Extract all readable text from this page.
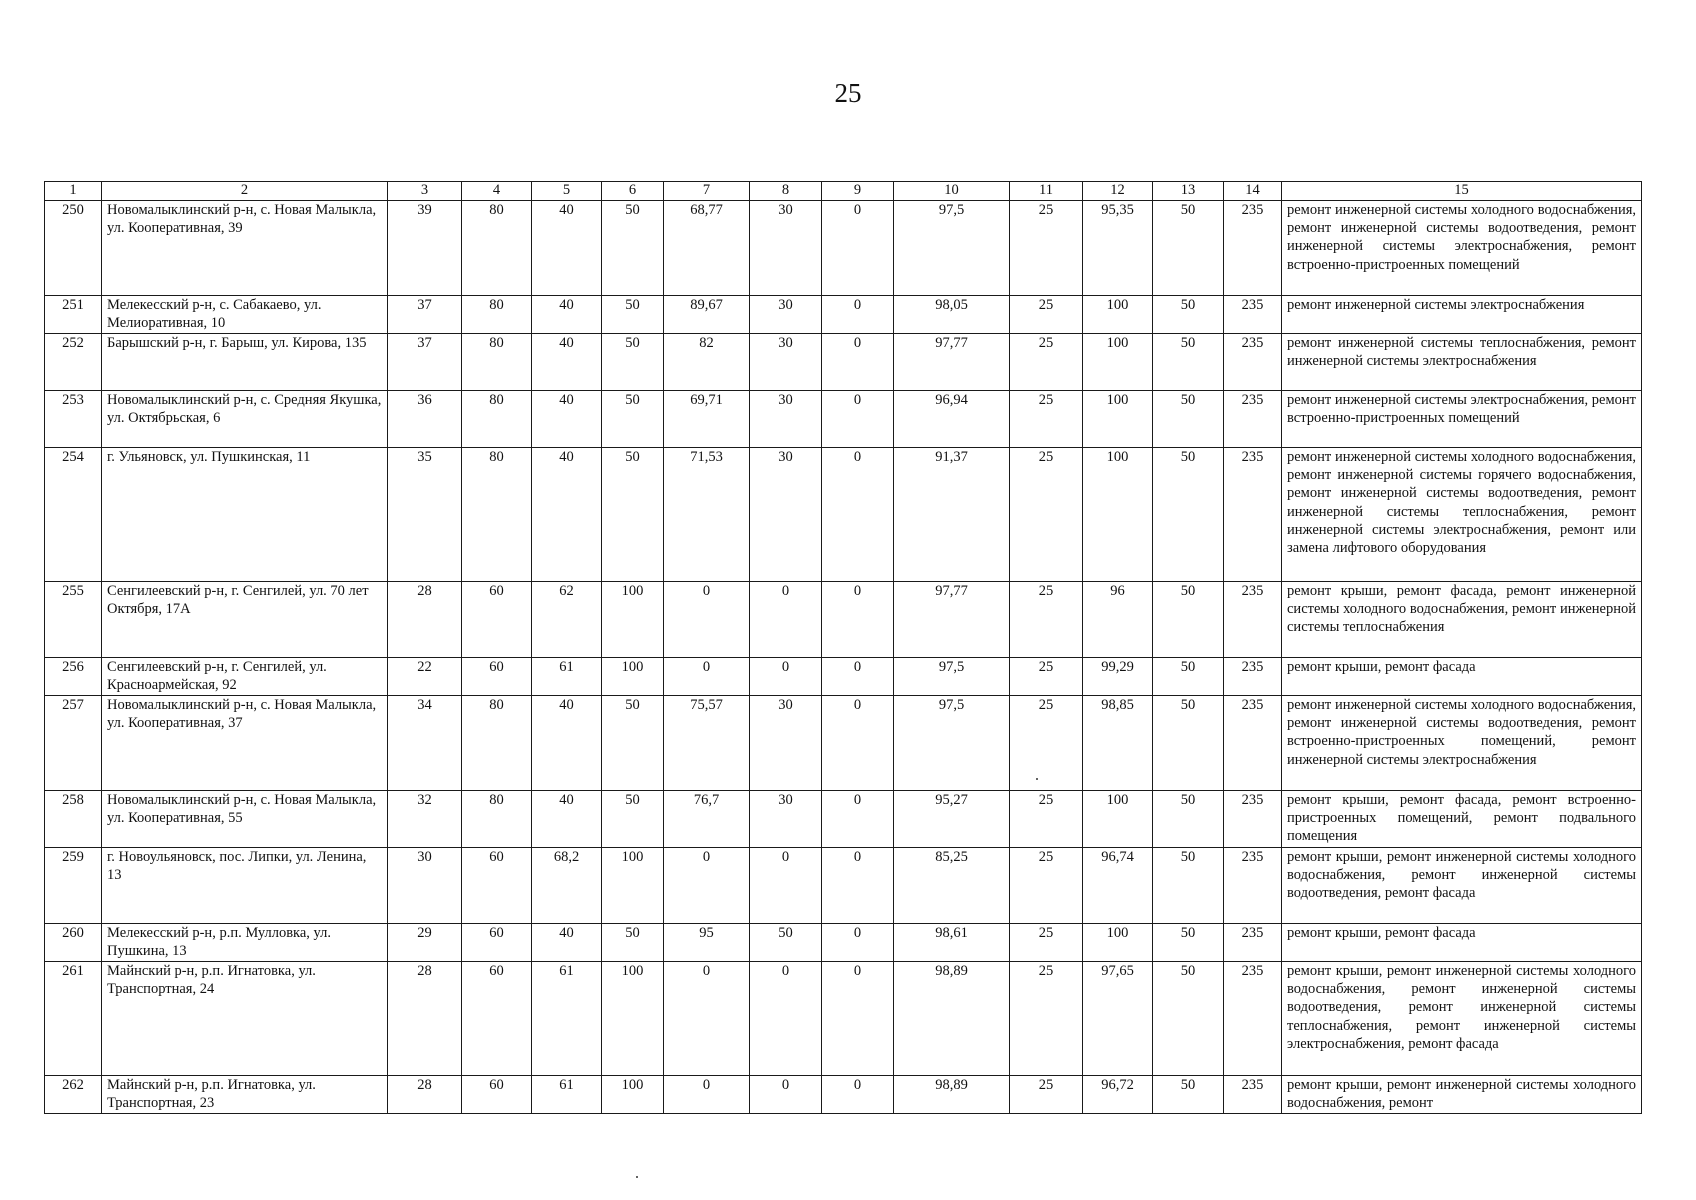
25
1	2	3	4	5	6	7	8	9	10	11	12	13	14	15
250	Новомалыклинский р-н, с. Новая Малыкла, ул. Кооперативная, 39	39	80	40	50	68,77	30	0	97,5	25	95,35	50	235	ремонт инженерной системы холодного водоснабжения, ремонт инженерной системы водоотведения, ремонт инженерной системы электроснабжения, ремонт встроенно-пристроенных помещений
251	Мелекесский р-н, с. Сабакаево, ул. Мелиоративная, 10	37	80	40	50	89,67	30	0	98,05	25	100	50	235	ремонт инженерной системы электроснабжения
252	Барышский р-н, г. Барыш, ул. Кирова, 135	37	80	40	50	82	30	0	97,77	25	100	50	235	ремонт инженерной системы теплоснабжения, ремонт инженерной системы электроснабжения
253	Новомалыклинский р-н, с. Средняя Якушка, ул. Октябрьская, 6	36	80	40	50	69,71	30	0	96,94	25	100	50	235	ремонт инженерной системы электроснабжения, ремонт встроенно-пристроенных помещений
254	г. Ульяновск, ул. Пушкинская, 11	35	80	40	50	71,53	30	0	91,37	25	100	50	235	ремонт инженерной системы холодного водоснабжения, ремонт инженерной системы горячего водоснабжения, ремонт инженерной системы водоотведения, ремонт инженерной системы теплоснабжения, ремонт инженерной системы электроснабжения, ремонт или замена лифтового оборудования
255	Сенгилеевский р-н, г. Сенгилей, ул. 70 лет Октября, 17А	28	60	62	100	0	0	0	97,77	25	96	50	235	ремонт крыши, ремонт фасада, ремонт инженерной системы холодного водоснабжения, ремонт инженерной системы теплоснабжения
256	Сенгилеевский р-н, г. Сенгилей, ул. Красноармейская, 92	22	60	61	100	0	0	0	97,5	25	99,29	50	235	ремонт крыши, ремонт фасада
257	Новомалыклинский р-н, с. Новая Малыкла, ул. Кооперативная, 37	34	80	40	50	75,57	30	0	97,5	25	98,85	50	235	ремонт инженерной системы холодного водоснабжения, ремонт инженерной системы водоотведения, ремонт встроенно-пристроенных помещений, ремонт инженерной системы электроснабжения
258	Новомалыклинский р-н, с. Новая Малыкла, ул. Кооперативная, 55	32	80	40	50	76,7	30	0	95,27	25	100	50	235	ремонт крыши, ремонт фасада, ремонт встроенно-пристроенных помещений, ремонт подвального помещения
259	г. Новоульяновск, пос. Липки, ул. Ленина, 13	30	60	68,2	100	0	0	0	85,25	25	96,74	50	235	ремонт крыши, ремонт инженерной системы холодного водоснабжения, ремонт инженерной системы водоотведения, ремонт фасада
260	Мелекесский р-н, р.п. Мулловка, ул. Пушкина, 13	29	60	40	50	95	50	0	98,61	25	100	50	235	ремонт крыши, ремонт фасада
261	Майнский р-н, р.п. Игнатовка, ул. Транспортная, 24	28	60	61	100	0	0	0	98,89	25	97,65	50	235	ремонт крыши, ремонт инженерной системы холодного водоснабжения, ремонт инженерной системы водоотведения, ремонт инженерной системы теплоснабжения, ремонт инженерной системы электроснабжения, ремонт фасада
262	Майнский р-н, р.п. Игнатовка, ул. Транспортная, 23	28	60	61	100	0	0	0	98,89	25	96,72	50	235	ремонт крыши, ремонт инженерной системы холодного водоснабжения, ремонт
